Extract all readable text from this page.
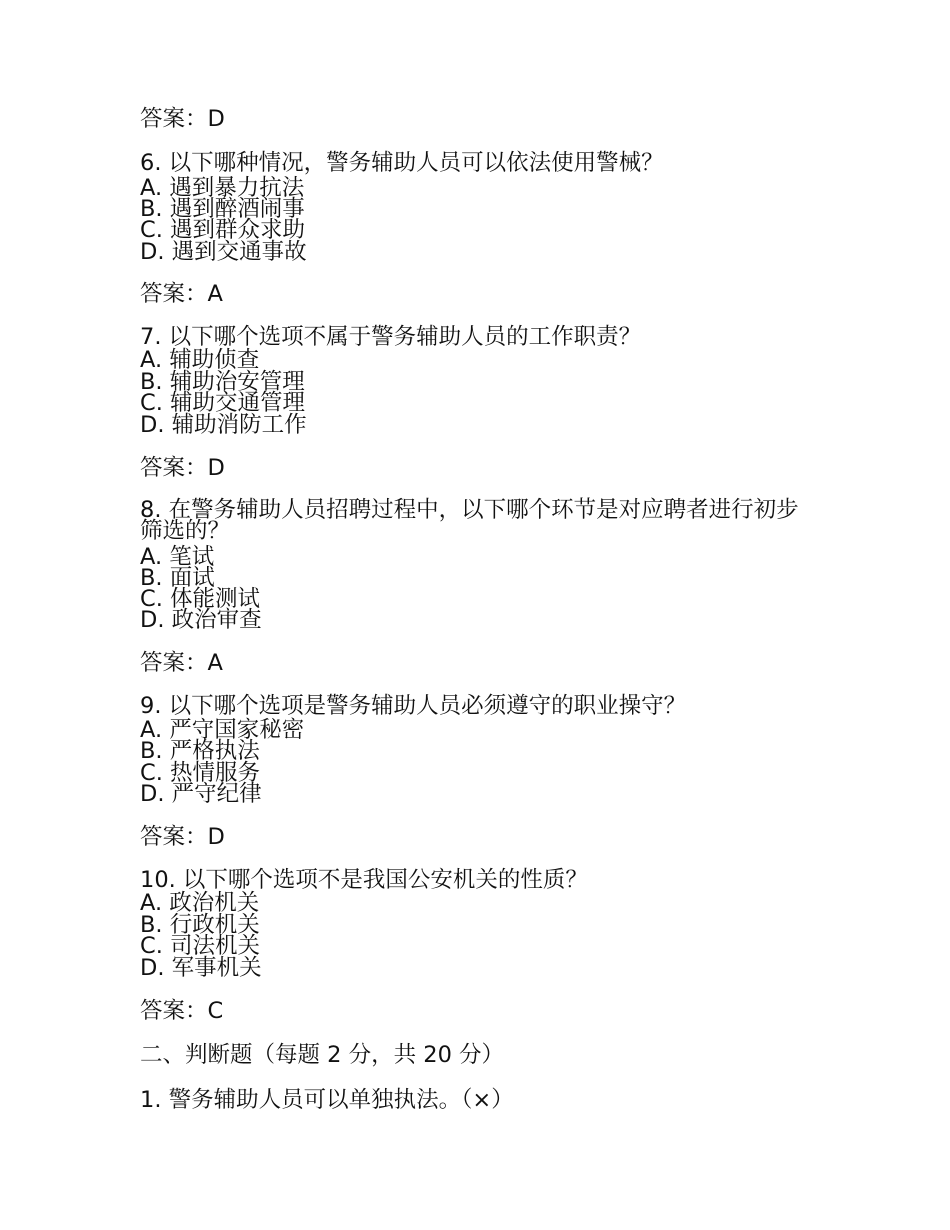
答案：D

6. 以下哪种情况，警务辅助人员可以依法使用警械？

A. 遇到暴力抗法

B. 遇到醉酒闹事

C. 遇到群众求助

D. 遇到交通事故

答案：A

7. 以下哪个选项不属于警务辅助人员的工作职责？

A. 辅助侦查

B. 辅助治安管理

C. 辅助交通管理

D. 辅助消防工作

答案：D

8. 在警务辅助人员招聘过程中，以下哪个环节是对应聘者进行初步筛选的？

A. 笔试

B. 面试

C. 体能测试

D. 政治审查

答案：A

9. 以下哪个选项是警务辅助人员必须遵守的职业操守？

A. 严守国家秘密

B. 严格执法

C. 热情服务

D. 严守纪律

答案：D

10. 以下哪个选项不是我国公安机关的性质？

A. 政治机关

B. 行政机关

C. 司法机关

D. 军事机关

答案：C

二、判断题（每题 2 分，共 20 分）

1. 警务辅助人员可以单独执法。（×）
